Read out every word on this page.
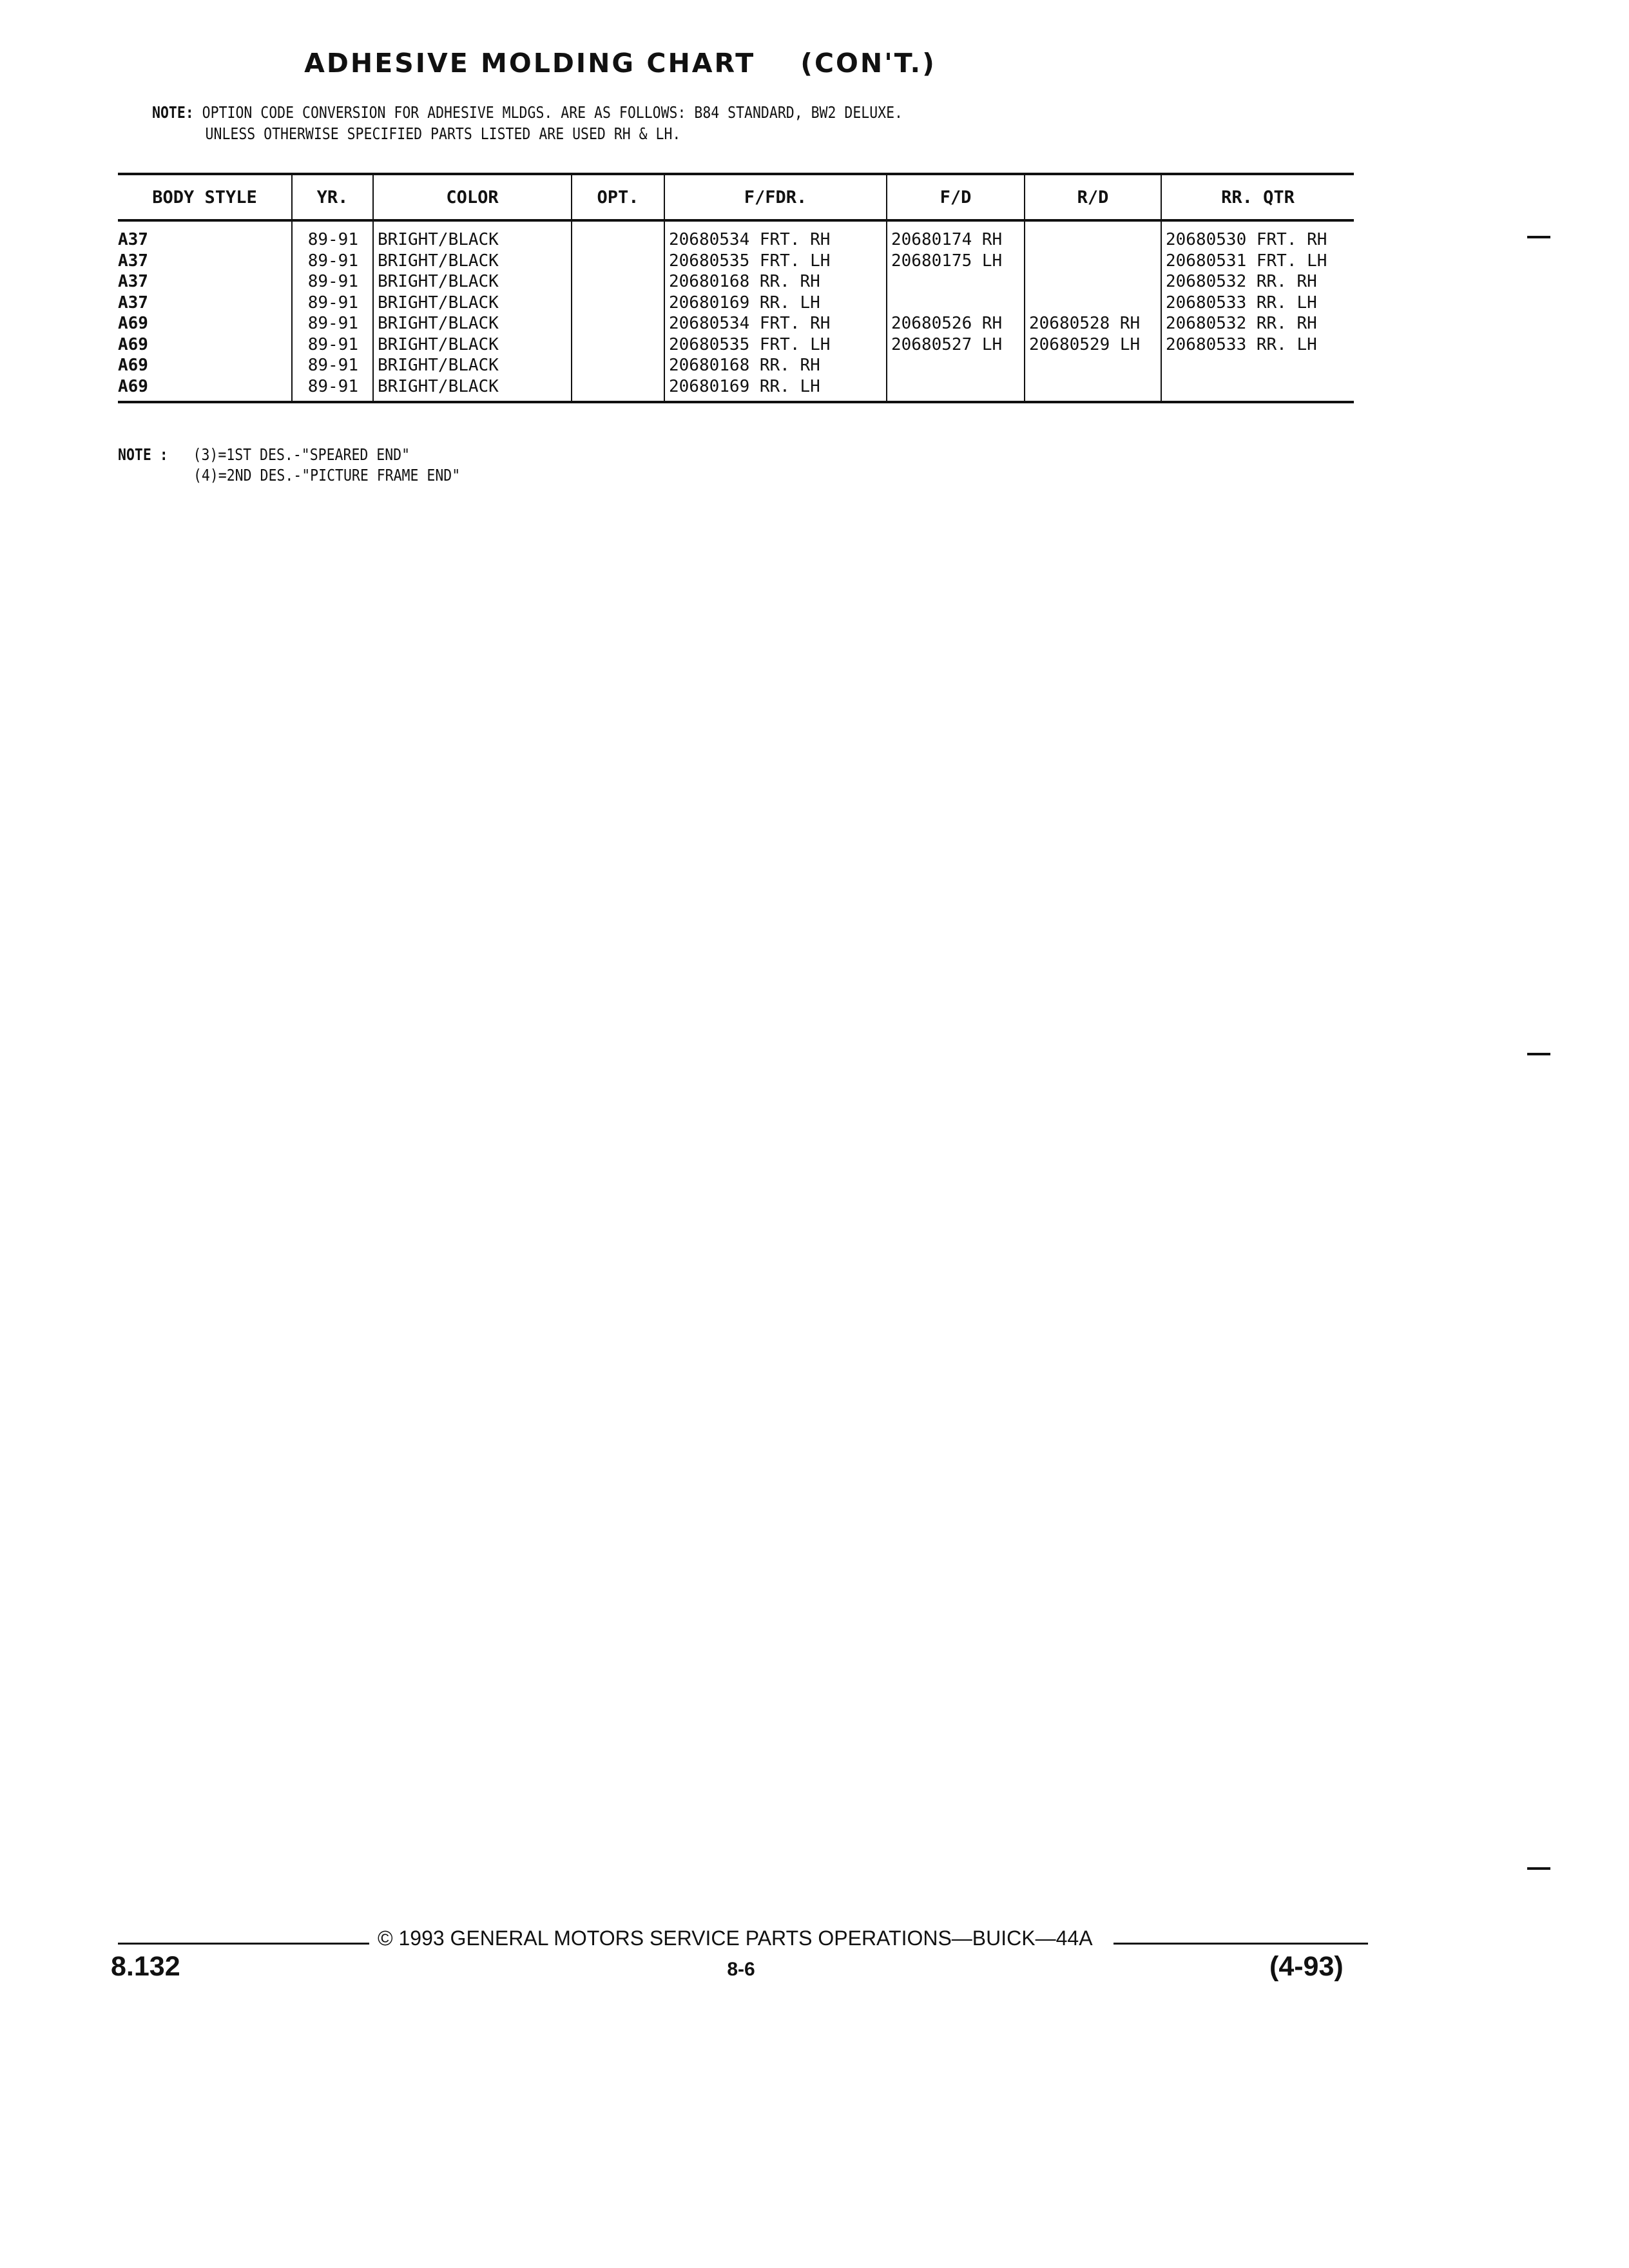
ADHESIVE MOLDING CHART (CON'T.)
NOTE: OPTION CODE CONVERSION FOR ADHESIVE MLDGS. ARE AS FOLLOWS: B84 STANDARD, BW2 DELUXE.
UNLESS OTHERWISE SPECIFIED PARTS LISTED ARE USED RH & LH.
BODY STYLE	YR.	COLOR	OPT.	F/FDR.	F/D	R/D	RR. QTR
A37	89-91	BRIGHT/BLACK		20680534 FRT. RH	20680174 RH		20680530 FRT. RH
A37	89-91	BRIGHT/BLACK		20680535 FRT. LH	20680175 LH		20680531 FRT. LH
A37	89-91	BRIGHT/BLACK		20680168 RR. RH			20680532 RR. RH
A37	89-91	BRIGHT/BLACK		20680169 RR. LH			20680533 RR. LH
A69	89-91	BRIGHT/BLACK		20680534 FRT. RH	20680526 RH	20680528 RH	20680532 RR. RH
A69	89-91	BRIGHT/BLACK		20680535 FRT. LH	20680527 LH	20680529 LH	20680533 RR. LH
A69	89-91	BRIGHT/BLACK		20680168 RR. RH			
A69	89-91	BRIGHT/BLACK		20680169 RR. LH			
NOTE : (3)=1ST DES.-"SPEARED END"
(4)=2ND DES.-"PICTURE FRAME END"
© 1993 GENERAL MOTORS SERVICE PARTS OPERATIONS—BUICK—44A
8.132	8-6	(4-93)
